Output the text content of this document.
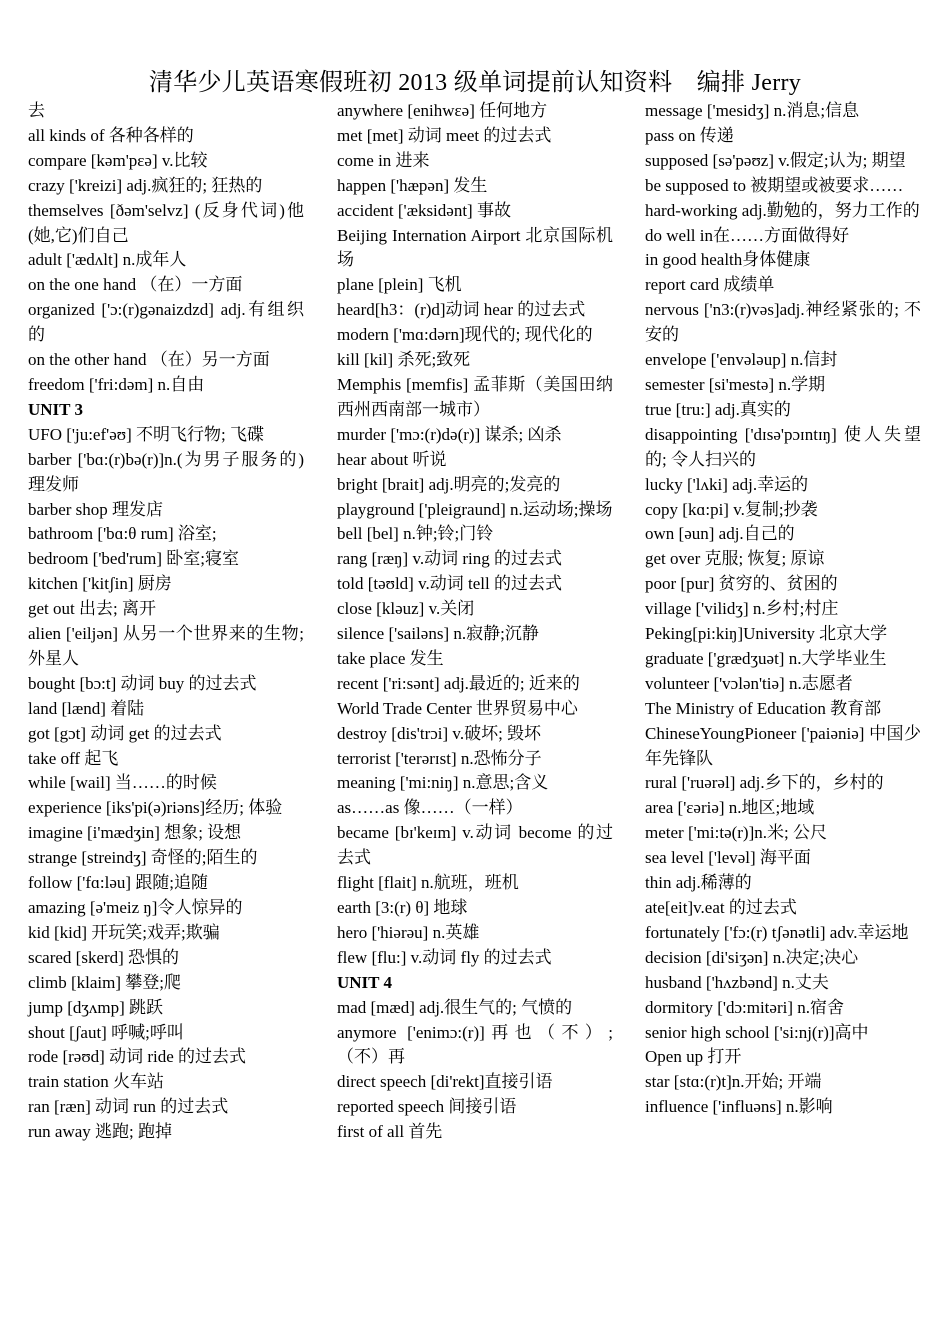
清华少儿英语寒假班初 2013 级单词提前认知资料　编排 Jerry
去
all kinds of 各种各样的
compare [kəm'pɛə] v.比较
crazy ['kreizi] adj.疯狂的; 狂热的
themselves [ðəm'selvz] (反身代词)他(她,它)们自己
adult ['ædʌlt] n.成年人
on the one hand （在）一方面
organized ['ɔ:(r)gənaizdzd] adj.有组织的
on the other hand （在）另一方面
freedom ['fri:dəm] n.自由
UNIT 3
UFO ['ju:ef'əʊ] 不明飞行物; 飞碟
barber ['bɑ:(r)bə(r)]n.(为男子服务的)理发师
barber shop 理发店
bathroom ['bɑ:θ rum] 浴室;
bedroom ['bed'rum] 卧室;寝室
kitchen ['kitʃin] 厨房
get out 出去; 离开
alien ['eiljən] 从另一个世界来的生物; 外星人
bought [bɔ:t] 动词 buy 的过去式
land [lænd] 着陆
got [gɔt] 动词 get 的过去式
take off 起飞
while [wail] 当……的时候
experience [iks'pi(ə)riəns]经历; 体验
imagine [i'mædʒin] 想象; 设想
strange [streindʒ] 奇怪的;陌生的
follow ['fɑ:ləu] 跟随;追随
amazing [ə'meiz ŋ]令人惊异的
kid [kid] 开玩笑;戏弄;欺骗
scared [skerd] 恐惧的
climb [klaim] 攀登;爬
jump [dʒʌmp] 跳跃
shout [ʃaut] 呼喊;呼叫
rode [rəʊd] 动词 ride 的过去式
train station 火车站
ran [ræn] 动词 run 的过去式
run away 逃跑; 跑掉
anywhere [enihwɛə] 任何地方
met [met] 动词 meet 的过去式
come in 进来
happen ['hæpən] 发生
accident ['æksidənt] 事故
Beijing Internation Airport 北京国际机场
plane [plein] 飞机
heard[h3：(r)d]动词 hear 的过去式
modern ['mɑ:dərn]现代的; 现代化的
kill [kil] 杀死;致死
Memphis [memfis] 孟菲斯（美国田纳西州西南部一城市）
murder ['mɔ:(r)də(r)] 谋杀; 凶杀
hear about 听说
bright [brait] adj.明亮的;发亮的
playground ['pleigraund] n.运动场;操场
bell [bel] n.钟;铃;门铃
rang [ræŋ] v.动词 ring 的过去式
told [təʊld] v.动词 tell 的过去式
close [kləuz] v.关闭
silence ['sailəns] n.寂静;沉静
take place 发生
recent ['ri:sənt] adj.最近的; 近来的
World Trade Center 世界贸易中心
destroy [dis'trɔi] v.破坏; 毁坏
terrorist ['terərɪst] n.恐怖分子
meaning ['mi:niŋ] n.意思;含义
as……as 像……（一样）
became [bɪ'keɪm] v.动词 become 的过去式
flight [flait] n.航班，班机
earth [3:(r) θ] 地球
hero ['hiərəu] n.英雄
flew [flu:] v.动词 fly 的过去式
UNIT 4
mad [mæd] adj.很生气的; 气愤的
anymore ['enimɔ:(r)]再也（不）; （不）再
direct speech [di'rekt]直接引语
reported speech 间接引语
first of all 首先
message ['mesidʒ] n.消息;信息
pass on 传递
supposed [sə'pəʊz] v.假定;认为; 期望
be supposed to 被期望或被要求……
hard-working adj.勤勉的，努力工作的
do well in在……方面做得好
in good health身体健康
report card 成绩单
nervous ['n3:(r)vəs]adj.神经紧张的; 不安的
envelope ['envələup] n.信封
semester [si'mestə] n.学期
true [tru:] adj.真实的
disappointing ['dɪsə'pɔɪntɪŋ] 使人失望的; 令人扫兴的
lucky ['lʌki] adj.幸运的
copy [kɑ:pi] v.复制;抄袭
own [əun] adj.自己的
get over 克服; 恢复; 原谅
poor [pur] 贫穷的、贫困的
village ['vilidʒ] n.乡村;村庄
Peking[pi:kiŋ]University 北京大学
graduate ['grædʒuət] n.大学毕业生
volunteer ['vɔlən'tiə] n.志愿者
The Ministry of Education 教育部
ChineseYoungPioneer ['paiəniə] 中国少年先锋队
rural ['ruərəl] adj.乡下的，乡村的
area ['ɛəriə] n.地区;地域
meter ['mi:tə(r)]n.米; 公尺
sea level ['levəl] 海平面
thin adj.稀薄的
ate[eit]v.eat 的过去式
fortunately ['fɔ:(r) tʃənətli] adv.幸运地
decision [di'siʒən] n.决定;决心
husband ['hʌzbənd] n.丈夫
dormitory ['dɔ:mitəri] n.宿舍
senior high school ['si:nj(r)]高中
Open up 打开
star [stɑ:(r)t]n.开始; 开端
influence ['influəns] n.影响
